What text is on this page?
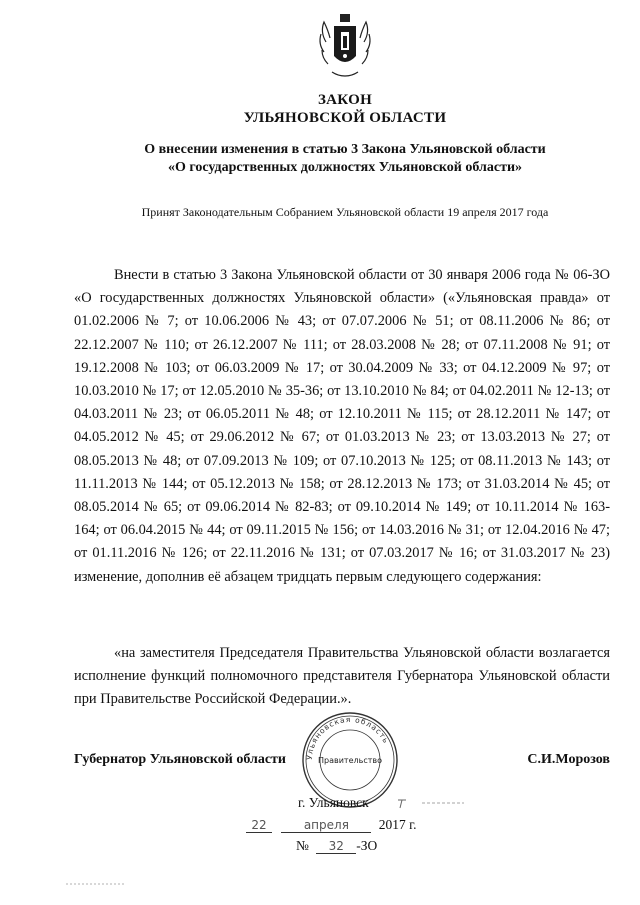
ЗАКОН
УЛЬЯНОВСКОЙ ОБЛАСТИ
О внесении изменения в статью 3 Закона Ульяновской области
«О государственных должностях Ульяновской области»
Принят Законодательным Собранием Ульяновской области 19 апреля 2017 года

Внести в статью 3 Закона Ульяновской области от 30 января 2006 года № 06-ЗО «О государственных должностях Ульяновской области» («Ульяновская правда» от 01.02.2006 № 7; от 10.06.2006 № 43; от 07.07.2006 № 51; от 08.11.2006 № 86; от 22.12.2007 № 110; от 26.12.2007 № 111; от 28.03.2008 № 28; от 07.11.2008 № 91; от 19.12.2008 № 103; от 06.03.2009 № 17; от 30.04.2009 № 33; от 04.12.2009 № 97; от 10.03.2010 № 17; от 12.05.2010 № 35-36; от 13.10.2010 № 84; от 04.02.2011 № 12-13; от 04.03.2011 № 23; от 06.05.2011 № 48; от 12.10.2011 № 115; от 28.12.2011 № 147; от 04.05.2012 № 45; от 29.06.2012 № 67; от 01.03.2013 № 23; от 13.03.2013 № 27; от 08.05.2013 № 48; от 07.09.2013 № 109; от 07.10.2013 № 125; от 08.11.2013 № 143; от 11.11.2013 № 144; от 05.12.2013 № 158; от 28.12.2013 № 173; от 31.03.2014 № 45; от 08.05.2014 № 65; от 09.06.2014 № 82-83; от 09.10.2014 № 149; от 10.11.2014 № 163-164; от 06.04.2015 № 44; от 09.11.2015 № 156; от 14.03.2016 № 31; от 12.04.2016 № 47; от 01.11.2016 № 126; от 22.11.2016 № 131; от 07.03.2017 № 16; от 31.03.2017 № 23) изменение, дополнив её абзацем тридцать первым следующего содержания:

«на заместителя Председателя Правительства Ульяновской области возлагается исполнение функций полномочного представителя Губернатора Ульяновской области при Правительстве Российской Федерации.».

Губернатор Ульяновской области	С.И.Морозов
Ульяновская область
Правительство
г. Ульяновск
22	апреля 2017 г.
№ 32 -ЗО
